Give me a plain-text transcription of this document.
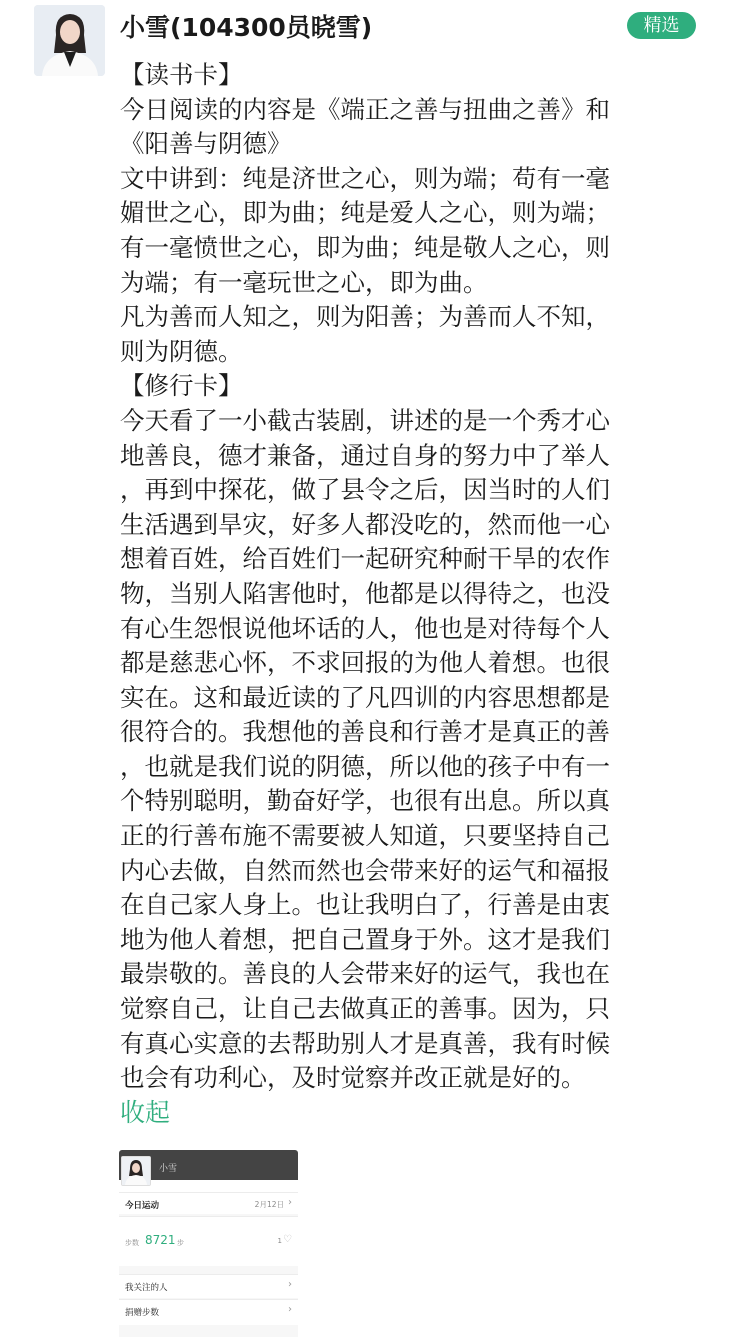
小雪(104300员晓雪)	精选

【读书卡】

今日阅读的内容是《端正之善与扭曲之善》和

《阳善与阴德》

文中讲到：纯是济世之心，则为端；苟有一毫

媚世之心，即为曲；纯是爱人之心，则为端；

有一毫愤世之心，即为曲；纯是敬人之心，则

为端；有一毫玩世之心，即为曲。

凡为善而人知之，则为阳善；为善而人不知，

则为阴德。

【修行卡】

今天看了一小截古装剧，讲述的是一个秀才心

地善良，德才兼备，通过自身的努力中了举人

，再到中探花，做了县令之后，因当时的人们

生活遇到旱灾，好多人都没吃的，然而他一心

想着百姓，给百姓们一起研究种耐干旱的农作

物，当别人陷害他时，他都是以得待之，也没

有心生怨恨说他坏话的人，他也是对待每个人

都是慈悲心怀，不求回报的为他人着想。也很

实在。这和最近读的了凡四训的内容思想都是

很符合的。我想他的善良和行善才是真正的善

，也就是我们说的阴德，所以他的孩子中有一

个特别聪明，勤奋好学，也很有出息。所以真

正的行善布施不需要被人知道，只要坚持自己

内心去做，自然而然也会带来好的运气和福报

在自己家人身上。也让我明白了，行善是由衷

地为他人着想，把自己置身于外。这才是我们

最崇敬的。善良的人会带来好的运气，我也在

觉察自己，让自己去做真正的善事。因为，只

有真心实意的去帮助别人才是真善，我有时候

也会有功利心，及时觉察并改正就是好的。

收起
小雪
今日运动	2月12日 ›
步数 8721 步	1 ♡
我关注的人	›
捐赠步数	›
